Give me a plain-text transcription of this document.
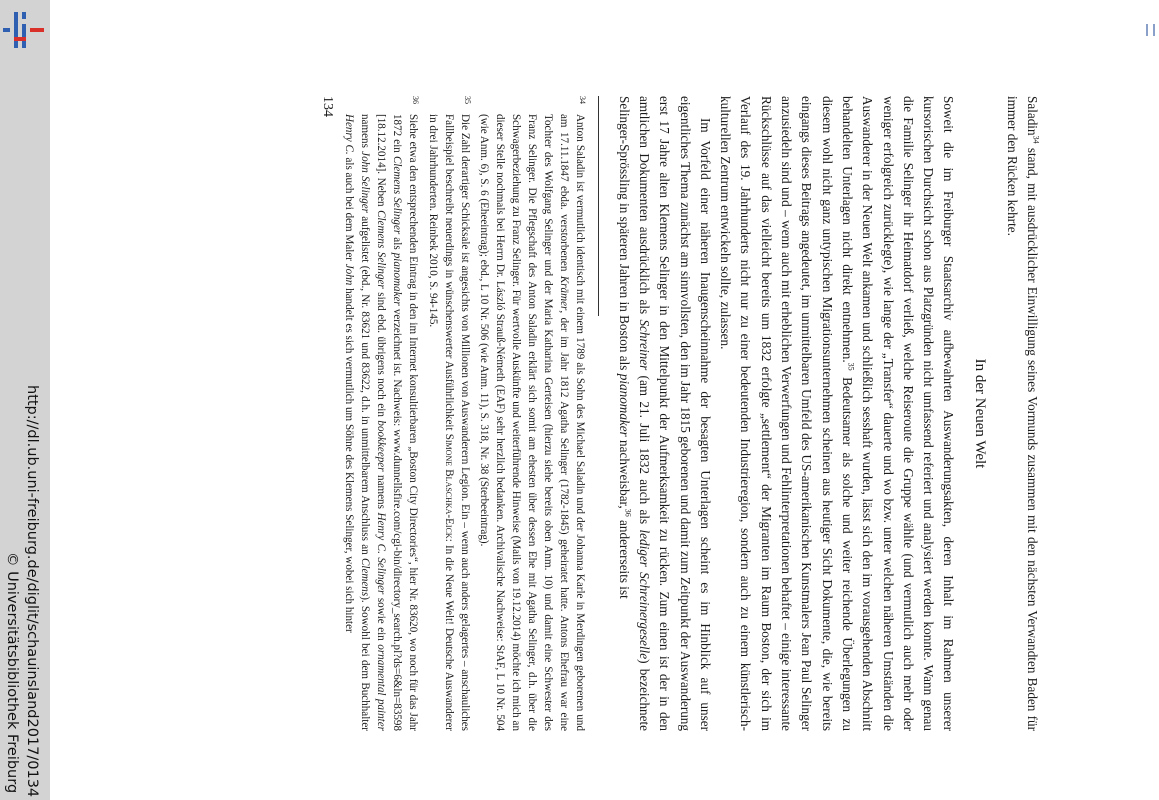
http://dl.ub.uni-freiburg.de/diglit/schauinsland2017/0134
© Universitätsbibliothek Freiburg

Saladin$^{34}$ stand, mit ausdrücklicher Einwilligung seines Vormunds zusammen mit den nächsten Verwandten Baden für immer den Rücken kehrte.

In der Neuen Welt

Soweit die im Freiburger Staatsarchiv aufbewahrten Auswanderungsakten, deren Inhalt im Rahmen unserer kursorischen Durchsicht schon aus Platzgründen nicht umfassend referiert und analysiert werden konnte. Wann genau die Familie Selinger ihr Heimatdorf verließ, welche Reiseroute die Gruppe wählte (und vermutlich auch mehr oder weniger erfolgreich zurücklegte), wie lange der „Transfer“ dauerte und wo bzw. unter welchen näheren Umständen die Auswanderer in der Neuen Welt ankamen und schließlich sesshaft wurden, lässt sich den im vorausgehenden Abschnitt behandelten Unterlagen nicht direkt entnehmen.$^{35}$ Bedeutsamer als solche und weiter reichende Überlegungen zu diesem wohl nicht ganz untypischen Migrationsunternehmen scheinen aus heutiger Sicht Dokumente, die, wie bereits eingangs dieses Beitrags angedeutet, im unmittelbaren Umfeld des US-amerikanischen Kunstmalers Jean Paul Selinger anzusiedeln sind und – wenn auch mit erheblichen Verwerfungen und Fehlinterpretationen behaftet – einige interessante Rückschlüsse auf das vielleicht bereits um 1832 erfolgte „settlement“ der Migranten im Raum Boston, der sich im Verlauf des 19. Jahrhunderts nicht nur zu einer bedeutenden Industrieregion, sondern auch zu einem künstlerisch-kulturellen Zentrum entwickeln sollte, zulassen.

Im Vorfeld einer näheren Inaugenscheinnahme der besagten Unterlagen scheint es im Hinblick auf unser eigentliches Thema zunächst am sinnvollsten, den im Jahr 1815 geborenen und damit zum Zeitpunkt der Auswanderung erst 17 Jahre alten Klemens Selinger in den Mittelpunkt der Aufmerksamkeit zu rücken. Zum einen ist der in den amtlichen Dokumenten ausdrücklich als Schreiner (am 21. Juli 1832 auch als lediger Schreinergeselle) bezeichnete Selinger-Sprössling in späteren Jahren in Boston als pianomaker nachweisbar,$^{36}$ andererseits ist

34
Anton Saladin ist vermutlich identisch mit einem 1789 als Sohn des Michael Saladin und der Johanna Karle in Merdingen geborenen und am 17.11.1847 ebda. verstorbenen Krämer, der im Jahr 1812 Agatha Selinger (1782-1845) geheiratet hatte. Antons Ehefrau war eine Tochter des Wolfgang Selinger und der Maria Katharina Gerteisen (hierzu siehe bereits oben Anm. 10) und damit eine Schwester des Franz Selinger. Die Pflegschaft des Anton Saladin erklärt sich somit am ehesten über dessen Ehe mit Agatha Selinger, d.h. über die Schwagerbeziehung zu Franz Selinger. Für wertvolle Auskünfte und weiterführende Hinweise (Mails von 19.12.2014) möchte ich mich an dieser Stelle nochmals bei Herrn Dr. László Strauß-Németh (EAF) sehr herzlich bedanken. Archivalische Nachweise: StAF, L 10 Nr. 504 (wie Anm. 6), S. 6 (Eheeintrag); ebd., L 10 Nr. 506 (wie Anm. 11), S. 318, Nr. 38 (Sterbeeintrag).
35
Die Zahl derartiger Schicksale ist angesichts von Millionen von Auswanderern Legion. Ein – wenn auch anders gelagertes – anschauliches Fallbeispiel beschreibt neuerdings in wünschenswerter Ausführlichkeit Simone Blaschka-Eick: In die Neue Welt! Deutsche Auswanderer in drei Jahrhunderten. Reinbek 2010, S. 94-145.
36
Siehe etwa den entsprechenden Eintrag in den im Internet konsultierbaren „Boston City Directories“, hier Nr. 83620, wo noch für das Jahr 1872 ein Clemens Selinger als pianomaker verzeichnet ist. Nachweis: www.dunnellsfire.com/cgi-bin/directory_search.pl?ds=6&ln=83598 [18.12.2014]. Neben Clemens Selinger sind ebd. übrigens noch ein bookkeeper namens Henry C. Selinger sowie ein ornamental painter namens John Selinger aufgelistet (ebd., Nr. 83621 und 83622, d.h. in unmittelbarem Anschluss an Clemens). Sowohl bei dem Buchhalter Henry C. als auch bei dem Maler John handelt es sich vermutlich um Söhne des Klemens Selinger, wobei sich hinter
134
